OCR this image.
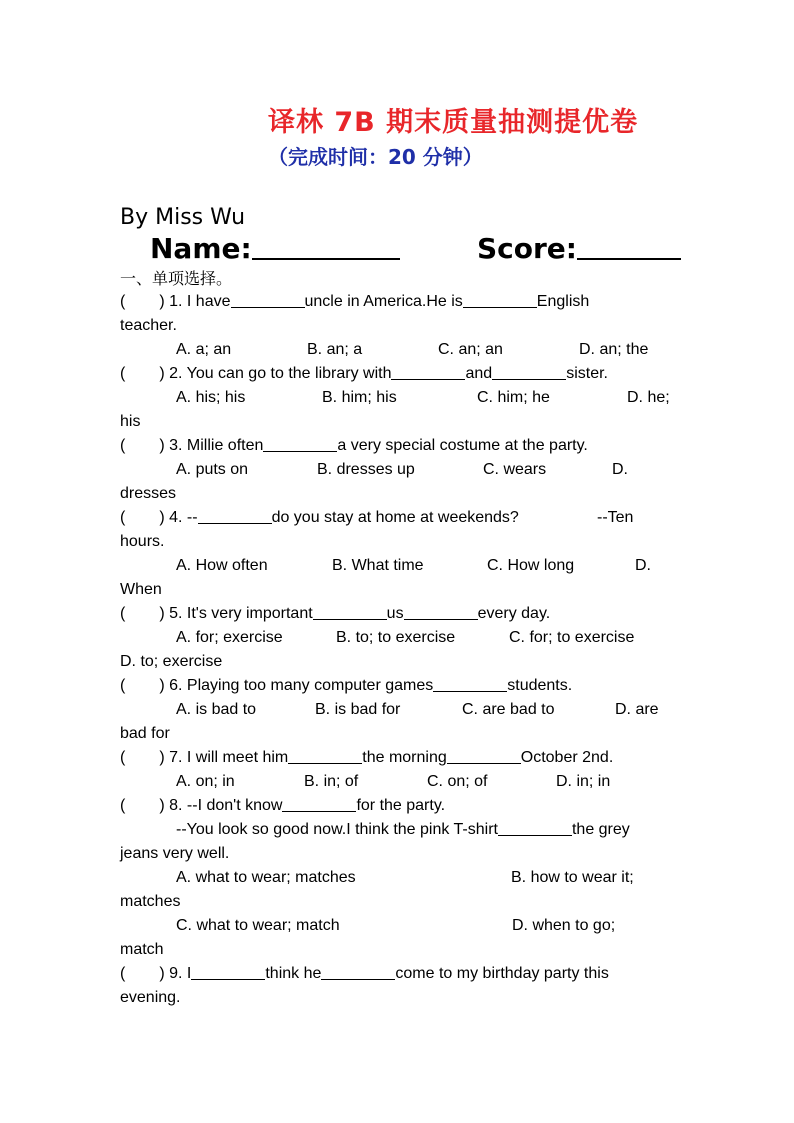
译林 7B 期末质量抽测提优卷
（完成时间：20 分钟）
By Miss Wu
Name:	Score:
一、单项选择。
( ) 1. I have	uncle in America.He is	English
teacher.
A. a; an	B. an; a	C. an; an	D. an; the
( ) 2. You can go to the library with	and	sister.
A. his; his	B. him; his	C. him; he	D. he;
his
( ) 3. Millie often	a very special costume at the party.
A. puts on	B. dresses up	C. wears	D.
dresses
( ) 4. --	do you stay at home at weekends?	--Ten
hours.
A. How often	B. What time	C. How long	D.
When
( ) 5. It's very important	us	every day.
A. for; exercise	B. to; to exercise	C. for; to exercise
D. to; exercise
( ) 6. Playing too many computer games	students.
A. is bad to	B. is bad for	C. are bad to	D. are
bad for
( ) 7. I will meet him	the morning	October 2nd.
A. on; in	B. in; of	C. on; of	D. in; in
( ) 8. --I don't know	for the party.
--You look so good now.I think the pink T-shirt	the grey
jeans very well.
A. what to wear; matches	B. how to wear it;
matches
C. what to wear; match	D. when to go;
match
( ) 9. I	think he	come to my birthday party this
evening.
